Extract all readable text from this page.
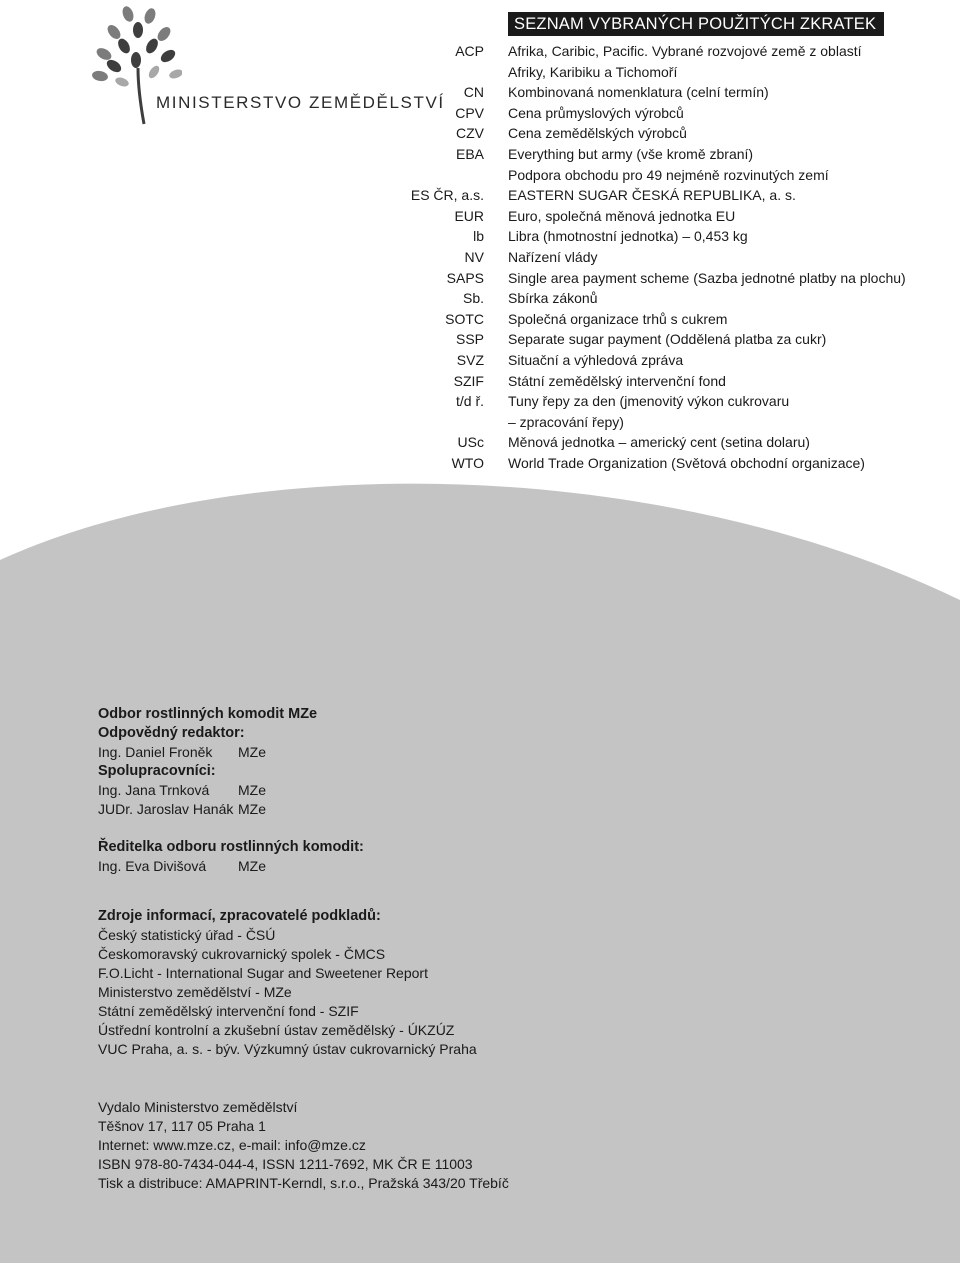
MINISTERSTVO ZEMĚDĚLSTVÍ
SEZNAM VYBRANÝCH POUŽITÝCH ZKRATEK
ACP Afrika, Caribic, Pacific. Vybrané rozvojové země z oblastí
Afriky, Karibiku a Tichomoří
CN Kombinovaná nomenklatura (celní termín)
CPV Cena průmyslových výrobců
CZV Cena zemědělských výrobců
EBA Everything but army (vše kromě zbraní)
Podpora obchodu pro 49 nejméně rozvinutých zemí
ES ČR, a.s. EASTERN SUGAR ČESKÁ REPUBLIKA, a. s.
EUR Euro, společná měnová jednotka EU
lb Libra (hmotnostní jednotka) – 0,453 kg
NV Nařízení vlády
SAPS Single area payment scheme (Sazba jednotné platby na plochu)
Sb. Sbírka zákonů
SOTC Společná organizace trhů s cukrem
SSP Separate sugar payment (Oddělená platba za cukr)
SVZ Situační a výhledová zpráva
SZIF Státní zemědělský intervenční fond
t/d ř. Tuny řepy za den (jmenovitý výkon cukrovaru
– zpracování řepy)
USc Měnová jednotka – americký cent (setina dolaru)
WTO World Trade Organization (Světová obchodní organizace)
Odbor rostlinných komodit MZe
Odpovědný redaktor:
Ing. Daniel Froněk MZe
Spolupracovníci:
Ing. Jana Trnková MZe
JUDr. Jaroslav Hanák MZe
Ředitelka odboru rostlinných komodit:
Ing. Eva Divišová MZe
Zdroje informací, zpracovatelé podkladů:
Český statistický úřad - ČSÚ
Českomoravský cukrovarnický spolek - ČMCS
F.O.Licht - International Sugar and Sweetener Report
Ministerstvo zemědělství - MZe
Státní zemědělský intervenční fond - SZIF
Ústřední kontrolní a zkušební ústav zemědělský - ÚKZÚZ
VUC Praha, a. s. - býv. Výzkumný ústav cukrovarnický Praha
Vydalo Ministerstvo zemědělství
Těšnov 17, 117 05 Praha 1
Internet: www.mze.cz, e-mail: info@mze.cz
ISBN 978-80-7434-044-4, ISSN 1211-7692, MK ČR E 11003
Tisk a distribuce: AMAPRINT-Kerndl, s.r.o., Pražská 343/20 Třebíč
